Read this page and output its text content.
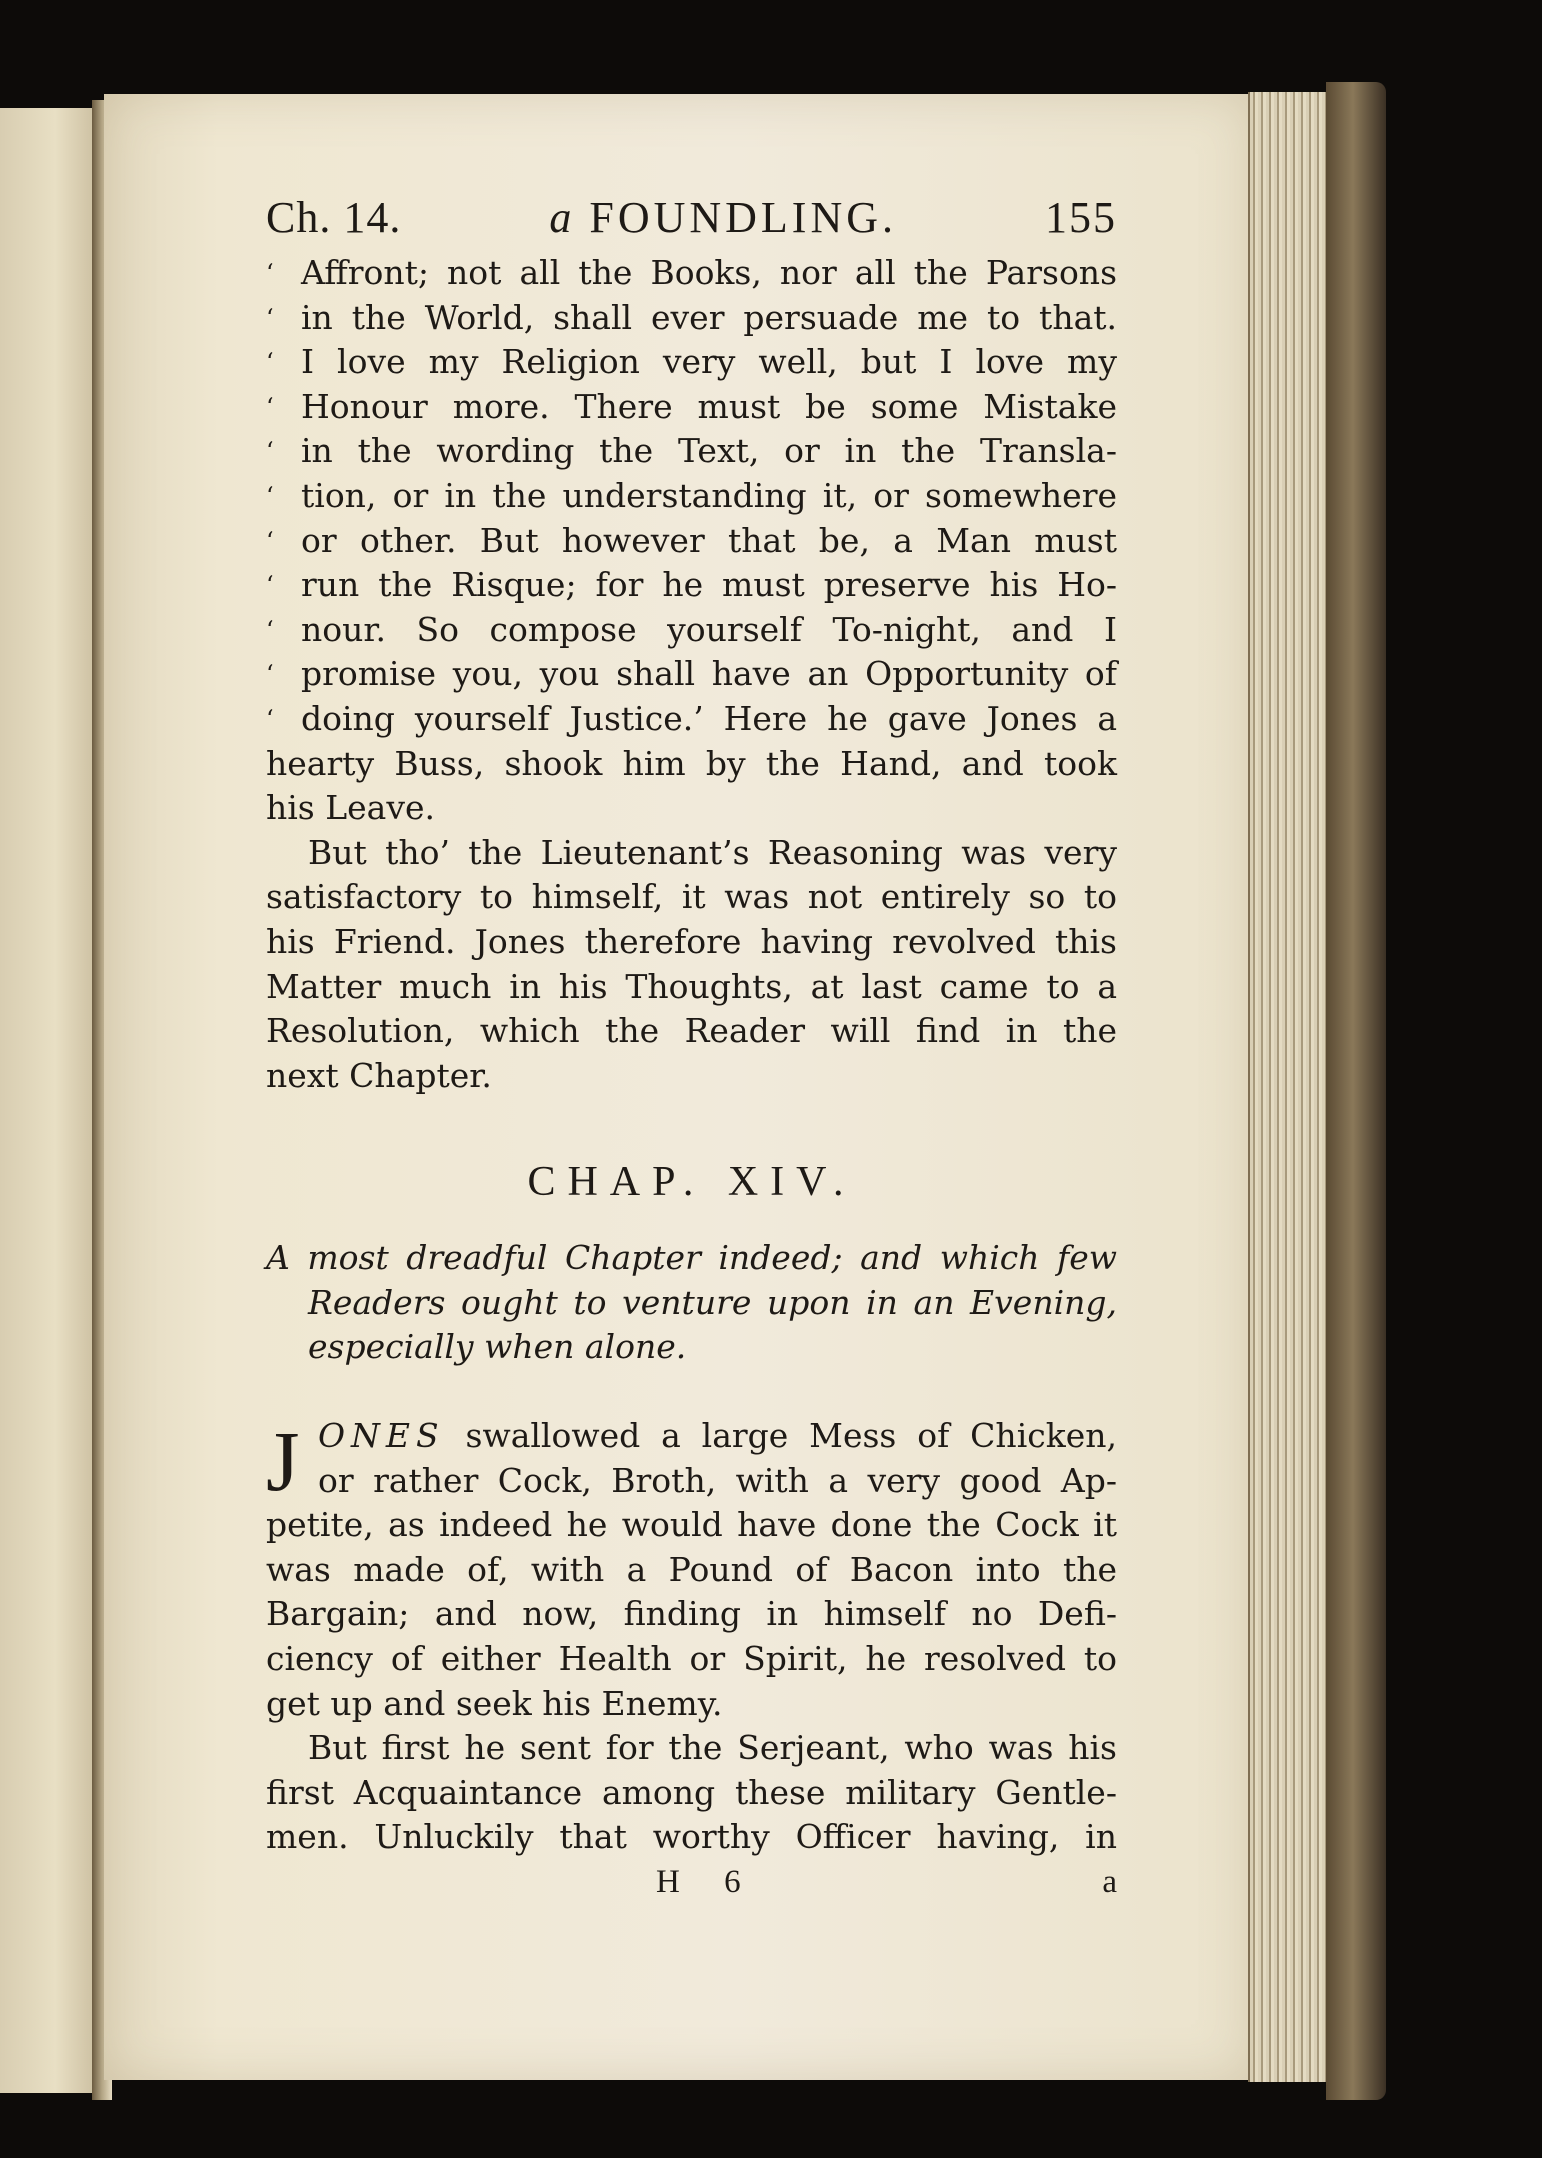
Ch. 14.	a FOUNDLING.	155
‘ Affront; not all the Books, nor all the Parsons
‘ in the World, shall ever persuade me to that.
‘ I love my Religion very well, but I love my
‘ Honour more. There must be some Mistake
‘ in the wording the Text, or in the Transla-
‘ tion, or in the understanding it, or somewhere
‘ or other. But however that be, a Man must
‘ run the Risque; for he must preserve his Ho-
‘ nour. So compose yourself To-night, and I
‘ promise you, you shall have an Opportunity of
‘ doing yourself Justice.’ Here he gave Jones a
hearty Buss, shook him by the Hand, and took
his Leave.
But tho’ the Lieutenant’s Reasoning was very
satisfactory to himself, it was not entirely so to
his Friend. Jones therefore having revolved this
Matter much in his Thoughts, at last came to a
Resolution, which the Reader will find in the
next Chapter.
CHAP. XIV.
A most dreadful Chapter indeed; and which few
Readers ought to venture upon in an Evening,
especially when alone.
J ONES swallowed a large Mess of Chicken,
or rather Cock, Broth, with a very good Ap-
petite, as indeed he would have done the Cock it
was made of, with a Pound of Bacon into the
Bargain; and now, finding in himself no Defi-
ciency of either Health or Spirit, he resolved to
get up and seek his Enemy.
But first he sent for the Serjeant, who was his
first Acquaintance among these military Gentle-
men. Unluckily that worthy Officer having, in
H 6	a
